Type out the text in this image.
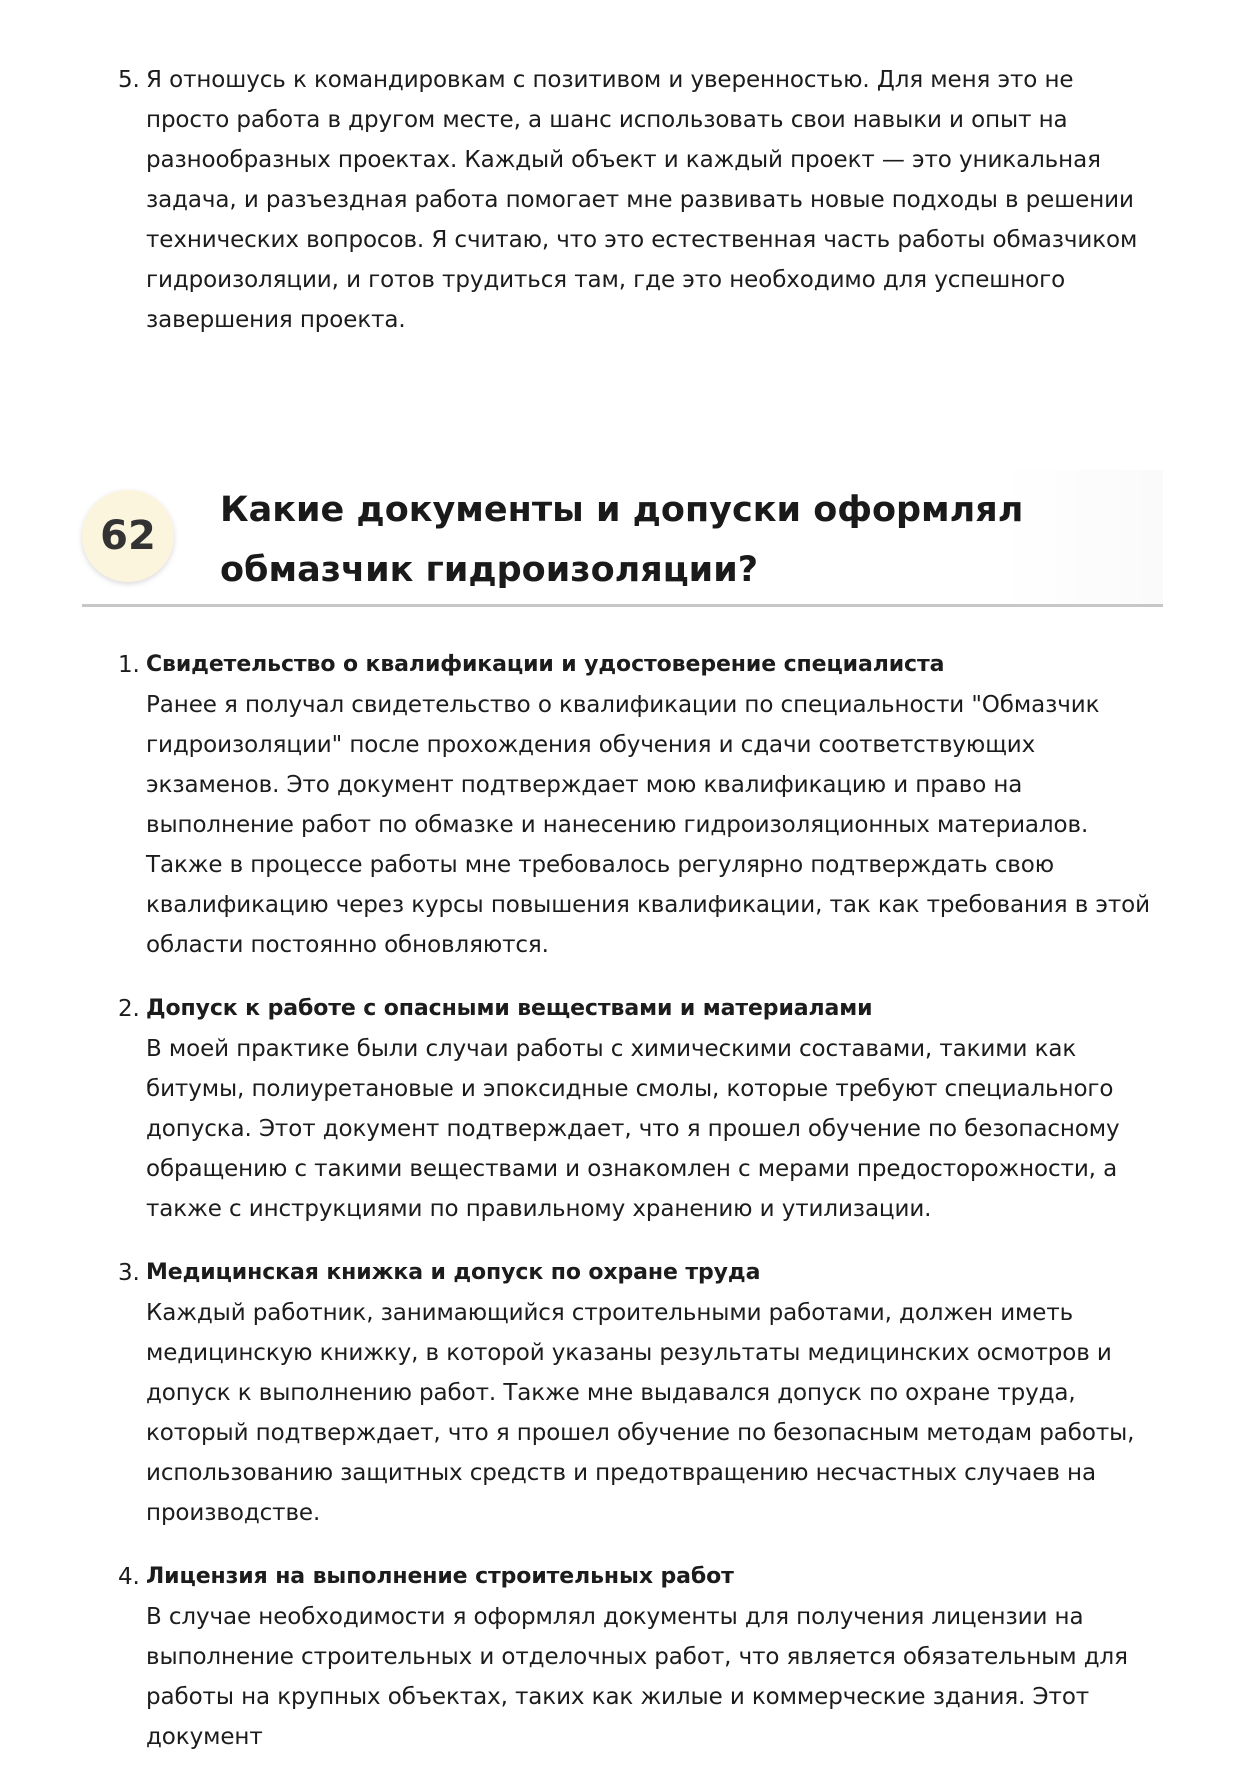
5. Я отношусь к командировкам с позитивом и уверенностью. Для меня это не просто работа в другом месте, а шанс использовать свои навыки и опыт на разнообразных проектах. Каждый объект и каждый проект — это уникальная задача, и разъездная работа помогает мне развивать новые подходы в решении технических вопросов. Я считаю, что это естественная часть работы обмазчиком гидроизоляции, и готов трудиться там, где это необходимо для успешного завершения проекта.
62
Какие документы и допуски оформлял обмазчик гидроизоляции?
1. Свидетельство о квалификации и удостоверение специалиста
Ранее я получал свидетельство о квалификации по специальности "Обмазчик гидроизоляции" после прохождения обучения и сдачи соответствующих экзаменов. Это документ подтверждает мою квалификацию и право на выполнение работ по обмазке и нанесению гидроизоляционных материалов. Также в процессе работы мне требовалось регулярно подтверждать свою квалификацию через курсы повышения квалификации, так как требования в этой области постоянно обновляются.
2. Допуск к работе с опасными веществами и материалами
В моей практике были случаи работы с химическими составами, такими как битумы, полиуретановые и эпоксидные смолы, которые требуют специального допуска. Этот документ подтверждает, что я прошел обучение по безопасному обращению с такими веществами и ознакомлен с мерами предосторожности, а также с инструкциями по правильному хранению и утилизации.
3. Медицинская книжка и допуск по охране труда
Каждый работник, занимающийся строительными работами, должен иметь медицинскую книжку, в которой указаны результаты медицинских осмотров и допуск к выполнению работ. Также мне выдавался допуск по охране труда, который подтверждает, что я прошел обучение по безопасным методам работы, использованию защитных средств и предотвращению несчастных случаев на производстве.
4. Лицензия на выполнение строительных работ
В случае необходимости я оформлял документы для получения лицензии на выполнение строительных и отделочных работ, что является обязательным для работы на крупных объектах, таких как жилые и коммерческие здания. Этот документ
